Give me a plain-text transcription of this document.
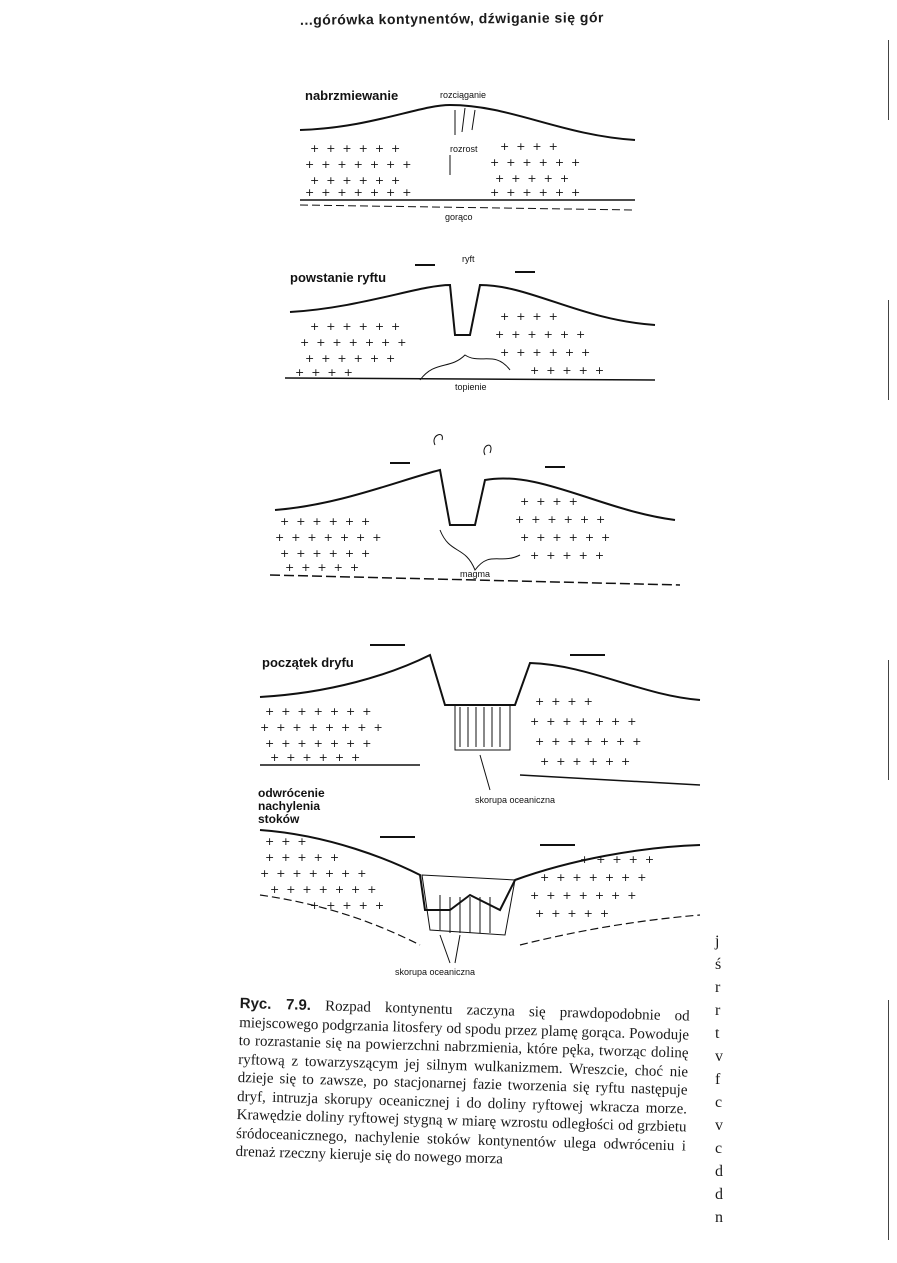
...górówka kontynentów, dźwiganie się gór
nabrzmiewanie	rozciąganie
rozrost
gorąco
+  +  +  +  +  +
+  +  +  +  +  +  +
+  +  +  +  +  +
+  +  +  +  +  +  +
+  +  +  +
+  +  +  +  +  +
+  +  +  +  +
+  +  +  +  +  +
powstanie ryftu
ryft
topienie
+  +  +  +  +  +
+  +  +  +  +  +  +
+  +  +  +  +  +
+  +  +  +
+  +  +  +
+  +  +  +  +  +
+  +  +  +  +  +
+  +  +  +  +
magma
+  +  +  +  +  +
+  +  +  +  +  +  +
+  +  +  +  +  +
+  +  +  +  +
+  +  +  +
+  +  +  +  +  +
+  +  +  +  +  +
+  +  +  +  +
początek dryfu
skorupa oceaniczna
+  +  +  +  +  +  +
+  +  +  +  +  +  +  +
+  +  +  +  +  +  +
+  +  +  +  +  +
+  +  +  +
+  +  +  +  +  +  +
+  +  +  +  +  +  +
+  +  +  +  +  +
odwrócenie
nachylenia
stoków
skorupa oceaniczna
+  +  +
+  +  +  +  +
+  +  +  +  +  +  +
+  +  +  +  +  +  +
+  +  +  +  +
+  +  +  +  +
+  +  +  +  +  +  +
+  +  +  +  +  +  +
+  +  +  +  +
Ryc. 7.9. Rozpad kontynentu zaczyna się prawdopodobnie od miejscowego podgrzania litosfery od spodu przez plamę gorąca. Powoduje to rozrastanie się na powierzchni nabrzmienia, które pęka, tworząc dolinę ryftową z towarzyszącym jej silnym wulkanizmem. Wreszcie, choć nie dzieje się to zawsze, po stacjonarnej fazie tworzenia się ryftu następuje dryf, intruzja skorupy oceanicznej i do doliny ryftowej wkracza morze. Krawędzie doliny ryftowej stygną w miarę wzrostu odległości od grzbietu śródoceanicznego, nachylenie stoków kontynentów ulega odwróceniu i drenaż rzeczny kieruje się do nowego morza
j
ś
r
r
t
v
f
c
v
c
d
d
n
